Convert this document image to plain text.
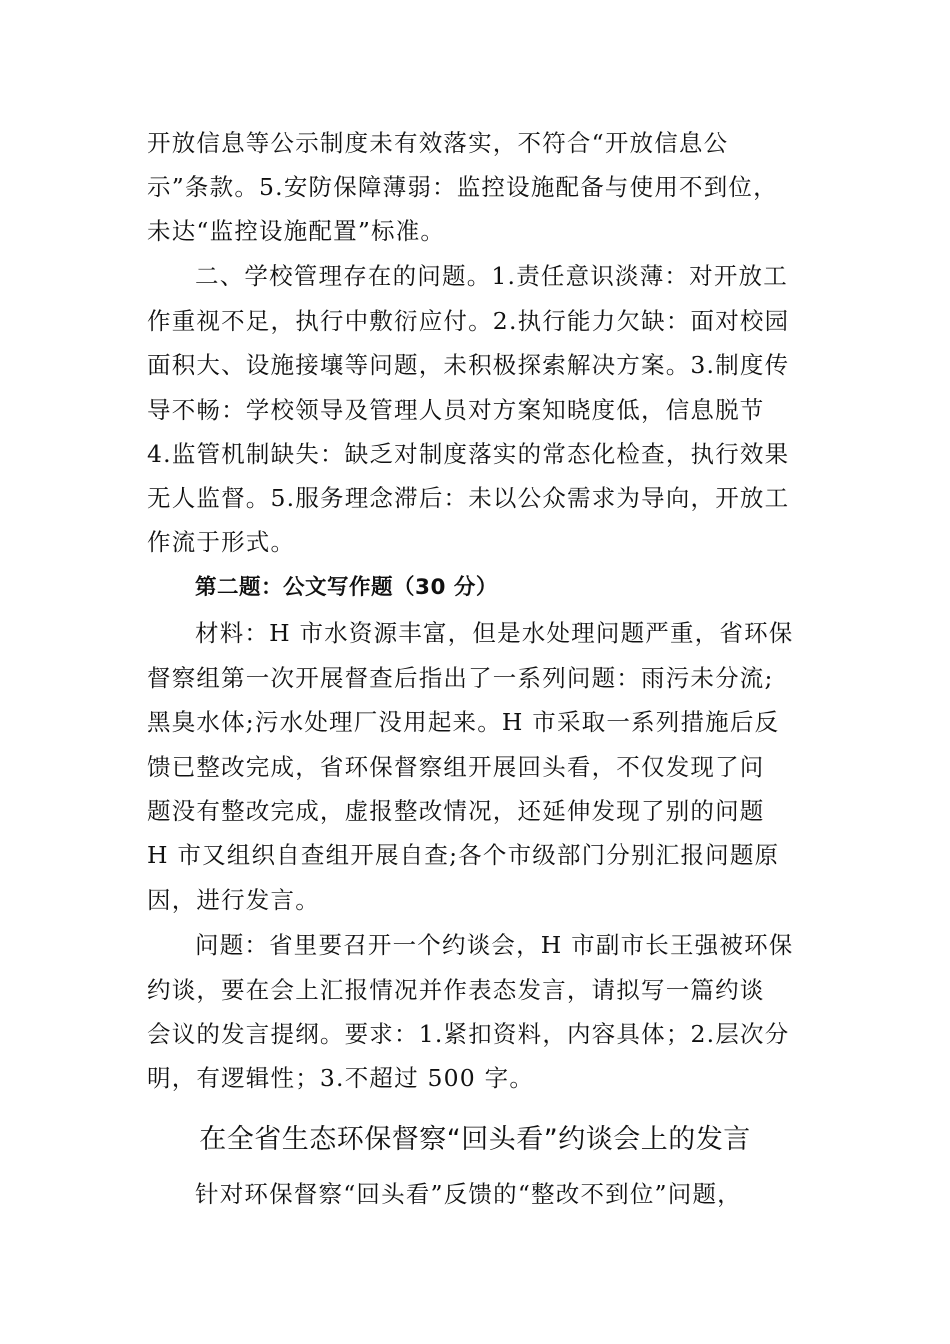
开放信息等公示制度未有效落实，不符合“开放信息公
示”条款。5.安防保障薄弱：监控设施配备与使用不到位，
未达“监控设施配置”标准。
二、学校管理存在的问题。1.责任意识淡薄：对开放工
作重视不足，执行中敷衍应付。2.执行能力欠缺：面对校园
面积大、设施接壤等问题，未积极探索解决方案。3.制度传
导不畅：学校领导及管理人员对方案知晓度低，信息脱节
4.监管机制缺失：缺乏对制度落实的常态化检查，执行效果
无人监督。5.服务理念滞后：未以公众需求为导向，开放工
作流于形式。
第二题：公文写作题（30 分）
材料：H 市水资源丰富，但是水处理问题严重，省环保
督察组第一次开展督查后指出了一系列问题：雨污未分流;
黑臭水体;污水处理厂没用起来。H 市采取一系列措施后反
馈已整改完成，省环保督察组开展回头看，不仅发现了问
题没有整改完成，虚报整改情况，还延伸发现了别的问题
H 市又组织自查组开展自查;各个市级部门分别汇报问题原
因，进行发言。
问题：省里要召开一个约谈会，H 市副市长王强被环保
约谈，要在会上汇报情况并作表态发言，请拟写一篇约谈
会议的发言提纲。要求：1.紧扣资料，内容具体；2.层次分
明，有逻辑性；3.不超过 500 字。
在全省生态环保督察“回头看”约谈会上的发言
针对环保督察“回头看”反馈的“整改不到位”问题，
